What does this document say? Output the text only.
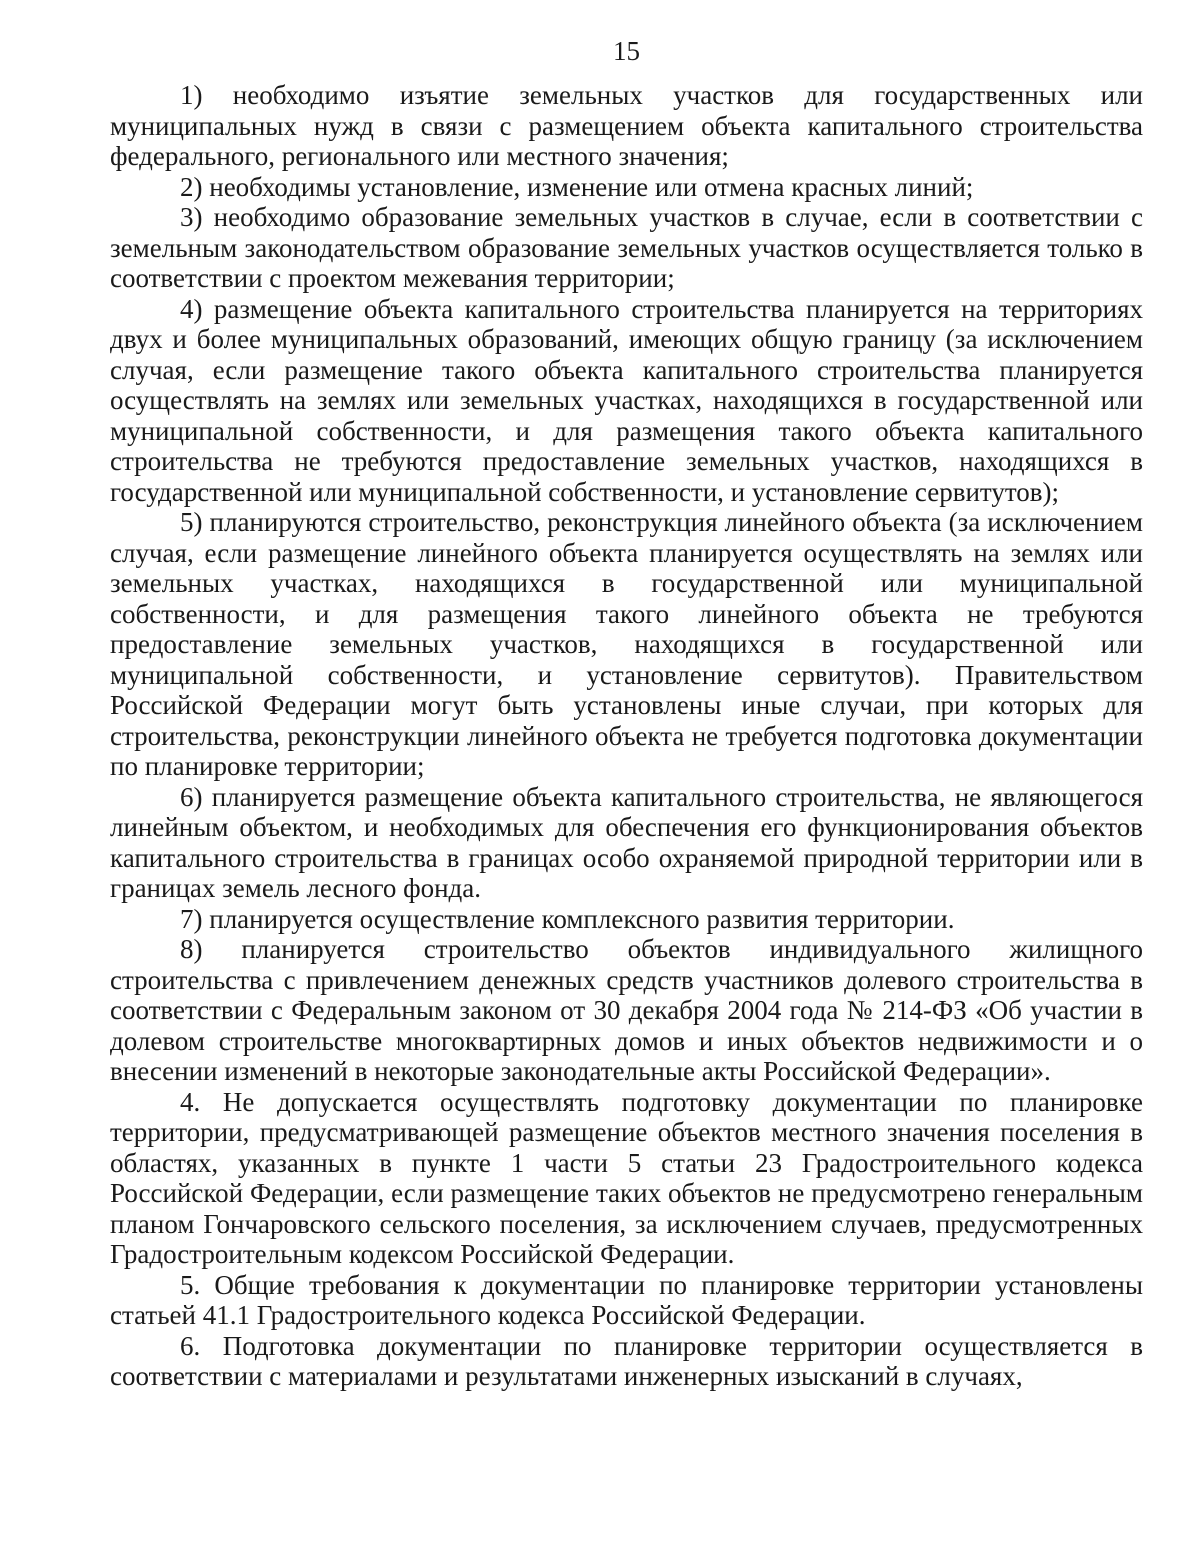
15

1) необходимо изъятие земельных участков для государственных или муниципальных нужд в связи с размещением объекта капитального строительства федерального, регионального или местного значения;

2) необходимы установление, изменение или отмена красных линий;

3) необходимо образование земельных участков в случае, если в соответствии с земельным законодательством образование земельных участков осуществляется только в соответствии с проектом межевания территории;

4) размещение объекта капитального строительства планируется на территориях двух и более муниципальных образований, имеющих общую границу (за исключением случая, если размещение такого объекта капитального строительства планируется осуществлять на землях или земельных участках, находящихся в государственной или муниципальной собственности, и для размещения такого объекта капитального строительства не требуются предоставление земельных участков, находящихся в государственной или муниципальной собственности, и установление сервитутов);

5) планируются строительство, реконструкция линейного объекта (за исключением случая, если размещение линейного объекта планируется осуществлять на землях или земельных участках, находящихся в государственной или муниципальной собственности, и для размещения такого линейного объекта не требуются предоставление земельных участков, находящихся в государственной или муниципальной собственности, и установление сервитутов). Правительством Российской Федерации могут быть установлены иные случаи, при которых для строительства, реконструкции линейного объекта не требуется подготовка документации по планировке территории;

6) планируется размещение объекта капитального строительства, не являющегося линейным объектом, и необходимых для обеспечения его функционирования объектов капитального строительства в границах особо охраняемой природной территории или в границах земель лесного фонда.

7) планируется осуществление комплексного развития территории.

8) планируется строительство объектов индивидуального жилищного строительства с привлечением денежных средств участников долевого строительства в соответствии с Федеральным законом от 30 декабря 2004 года № 214-ФЗ «Об участии в долевом строительстве многоквартирных домов и иных объектов недвижимости и о внесении изменений в некоторые законодательные акты Российской Федерации».

4. Не допускается осуществлять подготовку документации по планировке территории, предусматривающей размещение объектов местного значения поселения в областях, указанных в пункте 1 части 5 статьи 23 Градостроительного кодекса Российской Федерации, если размещение таких объектов не предусмотрено генеральным планом Гончаровского сельского поселения, за исключением случаев, предусмотренных Градостроительным кодексом Российской Федерации.

5. Общие требования к документации по планировке территории установлены статьей 41.1 Градостроительного кодекса Российской Федерации.

6. Подготовка документации по планировке территории осуществляется в соответствии с материалами и результатами инженерных изысканий в случаях,
